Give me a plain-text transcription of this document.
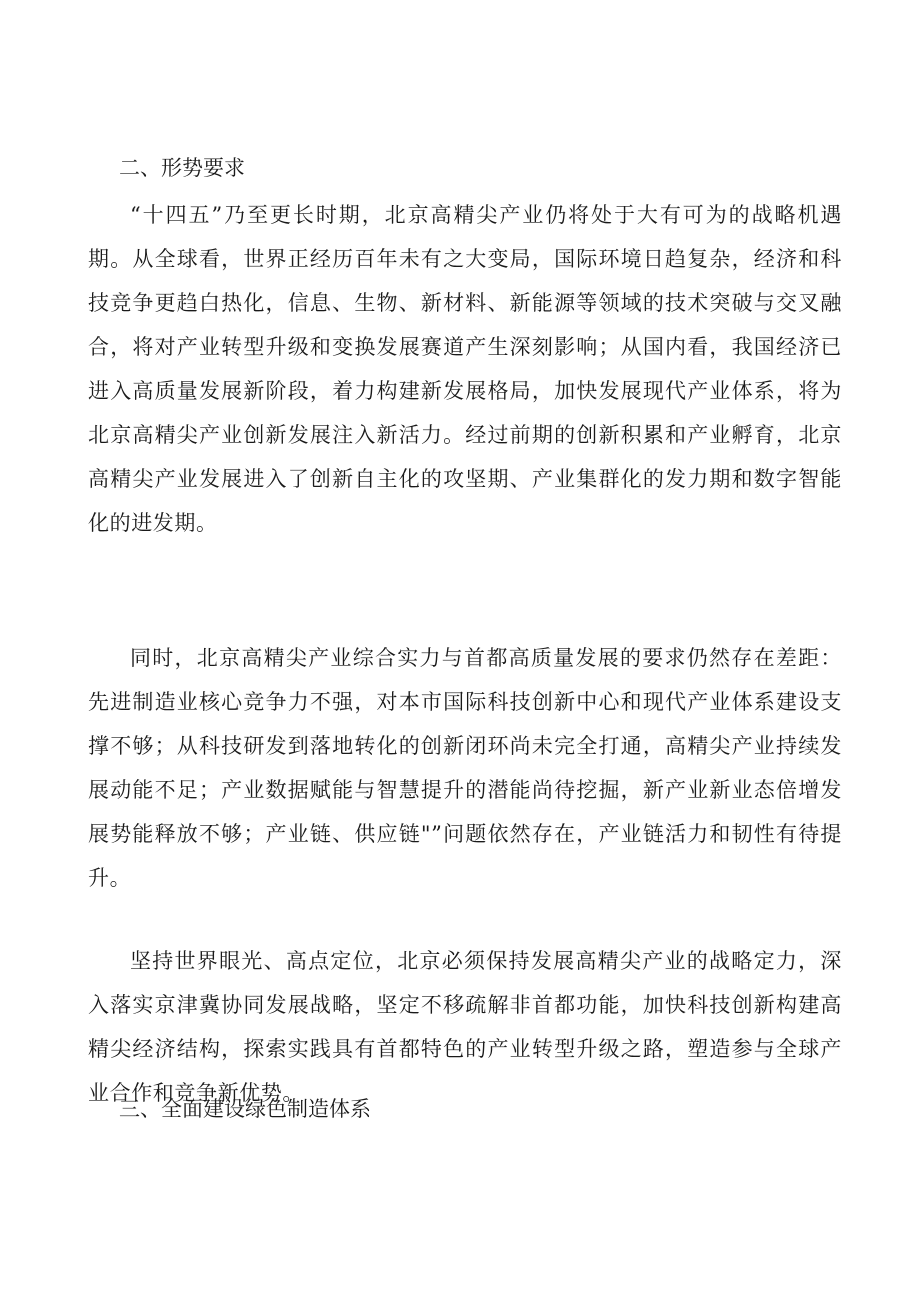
二、形势要求

“十四五”乃至更长时期，北京高精尖产业仍将处于大有可为的战略机遇期。从全球看，世界正经历百年未有之大变局，国际环境日趋复杂，经济和科技竞争更趋白热化，信息、生物、新材料、新能源等领域的技术突破与交叉融合，将对产业转型升级和变换发展赛道产生深刻影响；从国内看，我国经济已进入高质量发展新阶段，着力构建新发展格局，加快发展现代产业体系，将为北京高精尖产业创新发展注入新活力。经过前期的创新积累和产业孵育，北京高精尖产业发展进入了创新自主化的攻坚期、产业集群化的发力期和数字智能化的进发期。

同时，北京高精尖产业综合实力与首都高质量发展的要求仍然存在差距：先进制造业核心竞争力不强，对本市国际科技创新中心和现代产业体系建设支撑不够；从科技研发到落地转化的创新闭环尚未完全打通，高精尖产业持续发展动能不足；产业数据赋能与智慧提升的潜能尚待挖掘，新产业新业态倍增发展势能释放不够；产业链、供应链"”问题依然存在，产业链活力和韧性有待提升。

坚持世界眼光、高点定位，北京必须保持发展高精尖产业的战略定力，深入落实京津冀协同发展战略，坚定不移疏解非首都功能，加快科技创新构建高精尖经济结构，探索实践具有首都特色的产业转型升级之路，塑造参与全球产业合作和竞争新优势。

三、全面建设绿色制造体系
